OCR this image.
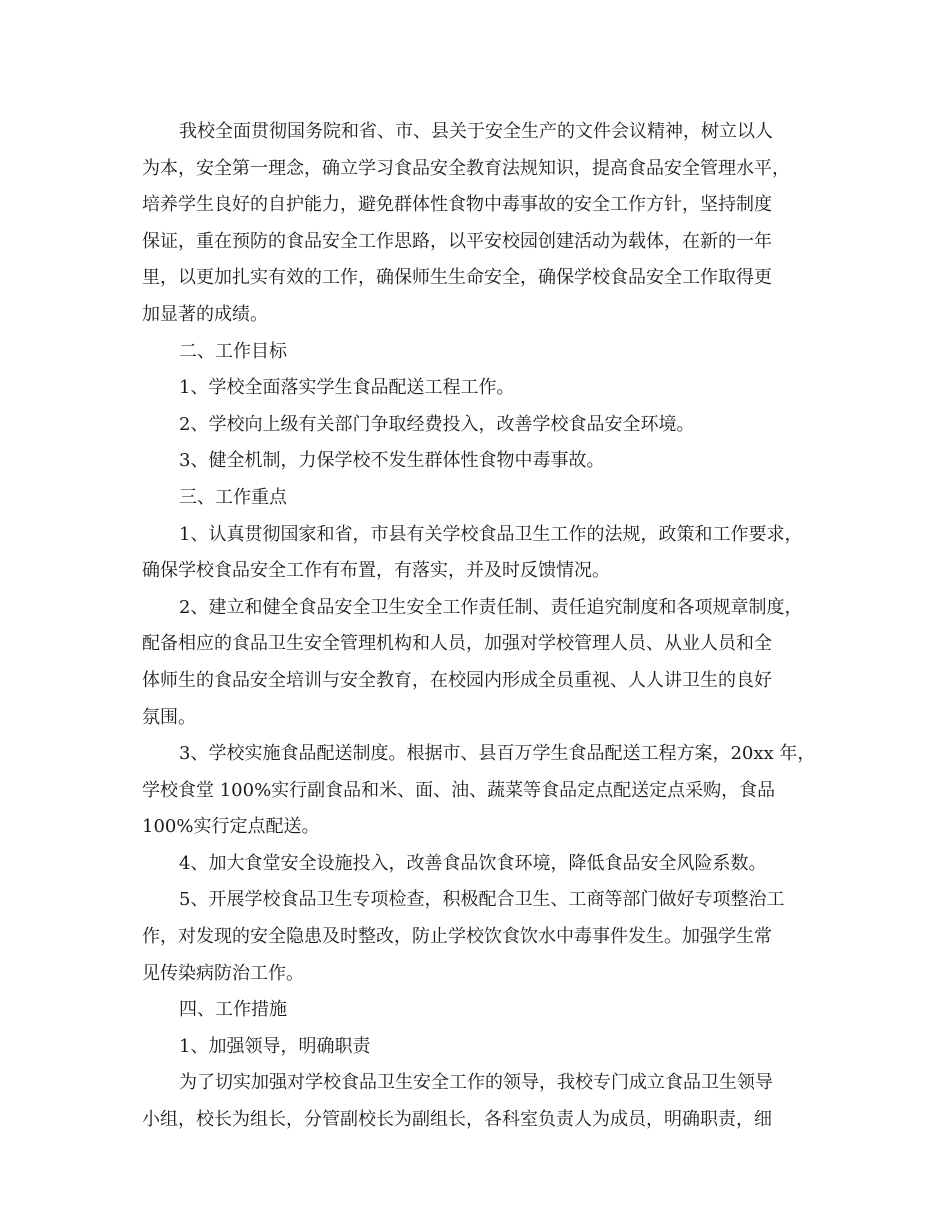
我校全面贯彻国务院和省、市、县关于安全生产的文件会议精神，树立以人
为本，安全第一理念，确立学习食品安全教育法规知识，提高食品安全管理水平，
培养学生良好的自护能力，避免群体性食物中毒事故的安全工作方针，坚持制度
保证，重在预防的食品安全工作思路，以平安校园创建活动为载体，在新的一年
里，以更加扎实有效的工作，确保师生生命安全，确保学校食品安全工作取得更
加显著的成绩。
二、工作目标
1、学校全面落实学生食品配送工程工作。
2、学校向上级有关部门争取经费投入，改善学校食品安全环境。
3、健全机制，力保学校不发生群体性食物中毒事故。
三、工作重点
1、认真贯彻国家和省，市县有关学校食品卫生工作的法规，政策和工作要求，
确保学校食品安全工作有布置，有落实，并及时反馈情况。
2、建立和健全食品安全卫生安全工作责任制、责任追究制度和各项规章制度，
配备相应的食品卫生安全管理机构和人员，加强对学校管理人员、从业人员和全
体师生的食品安全培训与安全教育，在校园内形成全员重视、人人讲卫生的良好
氛围。
3、学校实施食品配送制度。根据市、县百万学生食品配送工程方案，20xx 年，
学校食堂 100%实行副食品和米、面、油、蔬菜等食品定点配送定点采购，食品
100%实行定点配送。
4、加大食堂安全设施投入，改善食品饮食环境，降低食品安全风险系数。
5、开展学校食品卫生专项检查，积极配合卫生、工商等部门做好专项整治工
作，对发现的安全隐患及时整改，防止学校饮食饮水中毒事件发生。加强学生常
见传染病防治工作。
四、工作措施
1、加强领导，明确职责
为了切实加强对学校食品卫生安全工作的领导，我校专门成立食品卫生领导
小组，校长为组长，分管副校长为副组长，各科室负责人为成员，明确职责，细
